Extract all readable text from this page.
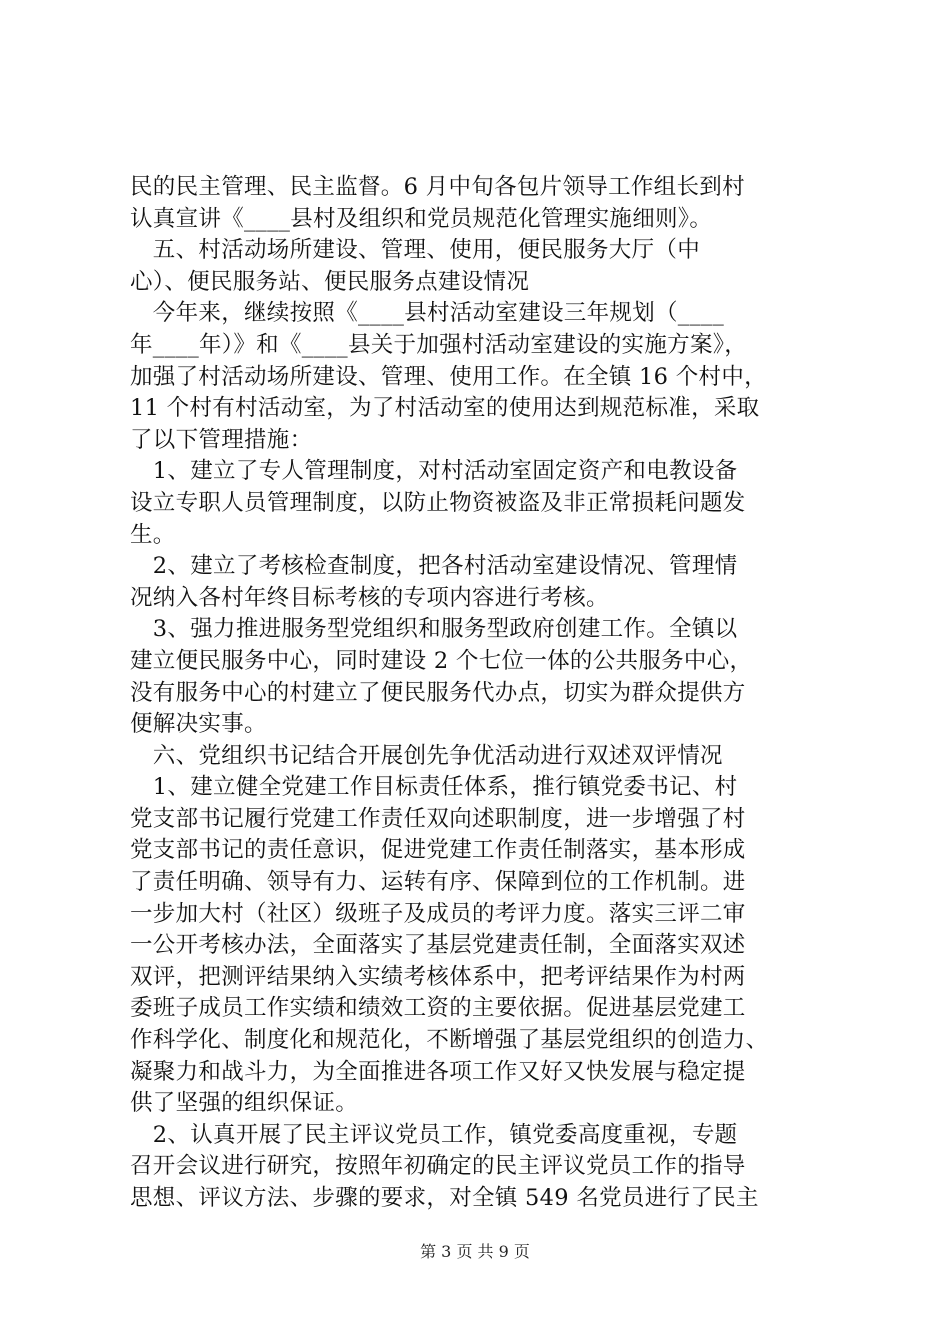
民的民主管理、民主监督。6 月中旬各包片领导工作组长到村
认真宣讲《____县村及组织和党员规范化管理实施细则》。
　五、村活动场所建设、管理、使用，便民服务大厅（中
心）、便民服务站、便民服务点建设情况
　今年来，继续按照《____县村活动室建设三年规划（____
年____年）》和《____县关于加强村活动室建设的实施方案》，
加强了村活动场所建设、管理、使用工作。在全镇 16 个村中，
11 个村有村活动室，为了村活动室的使用达到规范标准，采取
了以下管理措施：
　1、建立了专人管理制度，对村活动室固定资产和电教设备
设立专职人员管理制度，以防止物资被盗及非正常损耗问题发
生。
　2、建立了考核检查制度，把各村活动室建设情况、管理情
况纳入各村年终目标考核的专项内容进行考核。
　3、强力推进服务型党组织和服务型政府创建工作。全镇以
建立便民服务中心，同时建设 2 个七位一体的公共服务中心，
没有服务中心的村建立了便民服务代办点，切实为群众提供方
便解决实事。
　六、党组织书记结合开展创先争优活动进行双述双评情况
　1、建立健全党建工作目标责任体系，推行镇党委书记、村
党支部书记履行党建工作责任双向述职制度，进一步增强了村
党支部书记的责任意识，促进党建工作责任制落实，基本形成
了责任明确、领导有力、运转有序、保障到位的工作机制。进
一步加大村（社区）级班子及成员的考评力度。落实三评二审
一公开考核办法，全面落实了基层党建责任制，全面落实双述
双评，把测评结果纳入实绩考核体系中，把考评结果作为村两
委班子成员工作实绩和绩效工资的主要依据。促进基层党建工
作科学化、制度化和规范化，不断增强了基层党组织的创造力、
凝聚力和战斗力，为全面推进各项工作又好又快发展与稳定提
供了坚强的组织保证。
　2、认真开展了民主评议党员工作，镇党委高度重视，专题
召开会议进行研究，按照年初确定的民主评议党员工作的指导
思想、评议方法、步骤的要求，对全镇 549 名党员进行了民主
第 3 页 共 9 页
